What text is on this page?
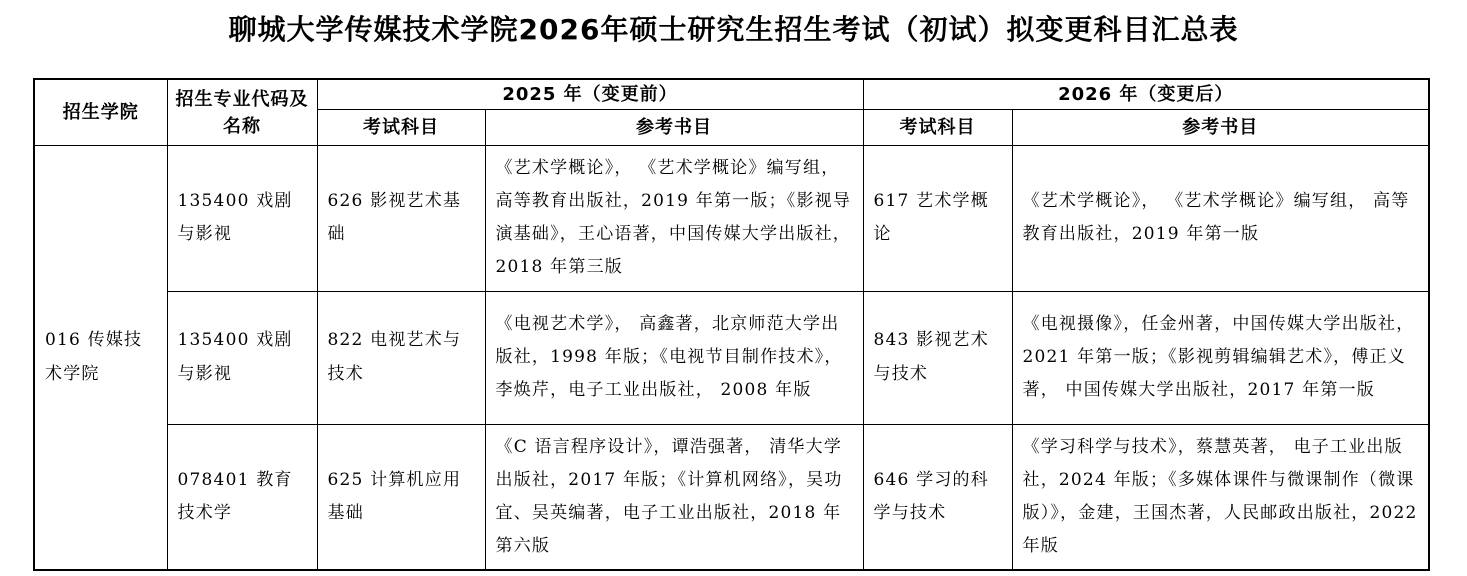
聊城大学传媒技术学院2026年硕士研究生招生考试（初试）拟变更科目汇总表
招生学院	招生专业代码及名称	2025 年（变更前）		2026 年（变更后）	
		考试科目	参考书目	考试科目	参考书目
016 传媒技术学院	135400 戏剧与影视	626 影视艺术基础	《艺术学概论》， 《艺术学概论》编写组，高等教育出版社，2019 年第一版；《影视导演基础》，王心语著，中国传媒大学出版社，2018 年第三版	617 艺术学概论	《艺术学概论》， 《艺术学概论》编写组， 高等教育出版社，2019 年第一版
	135400 戏剧与影视	822 电视艺术与技术	《电视艺术学》， 高鑫著，北京师范大学出版社，1998 年版；《电视节目制作技术》，李焕芹，电子工业出版社， 2008 年版	843 影视艺术与技术	《电视摄像》，任金州著，中国传媒大学出版社，2021 年第一版；《影视剪辑编辑艺术》，傅正义著， 中国传媒大学出版社，2017 年第一版
	078401 教育技术学	625 计算机应用基础	《C 语言程序设计》，谭浩强著， 清华大学出版社，2017 年版；《计算机网络》，吴功宜、吴英编著，电子工业出版社，2018 年第六版	646 学习的科学与技术	《学习科学与技术》，蔡慧英著， 电子工业出版社，2024 年版；《多媒体课件与微课制作（微课版）》，金建，王国杰著，人民邮政出版社，2022 年版
